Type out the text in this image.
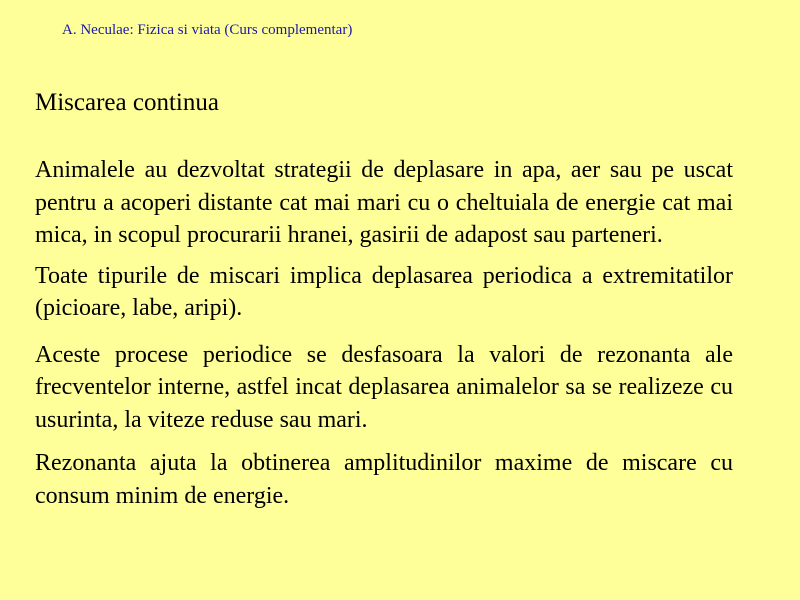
A. Neculae: Fizica si viata (Curs complementar)
Miscarea continua

Animalele au dezvoltat strategii de deplasare in apa, aer sau pe uscat pentru a acoperi distante cat mai mari cu o cheltuiala de energie cat mai mica, in scopul procurarii hranei, gasirii de adapost sau parteneri.

Toate tipurile de miscari implica deplasarea periodica a extremitatilor (picioare, labe, aripi).

Aceste procese periodice se desfasoara la valori de rezonanta ale frecventelor interne, astfel incat deplasarea animalelor sa se realizeze cu usurinta, la viteze reduse sau mari.

Rezonanta ajuta la obtinerea amplitudinilor maxime de miscare cu consum minim de energie.
